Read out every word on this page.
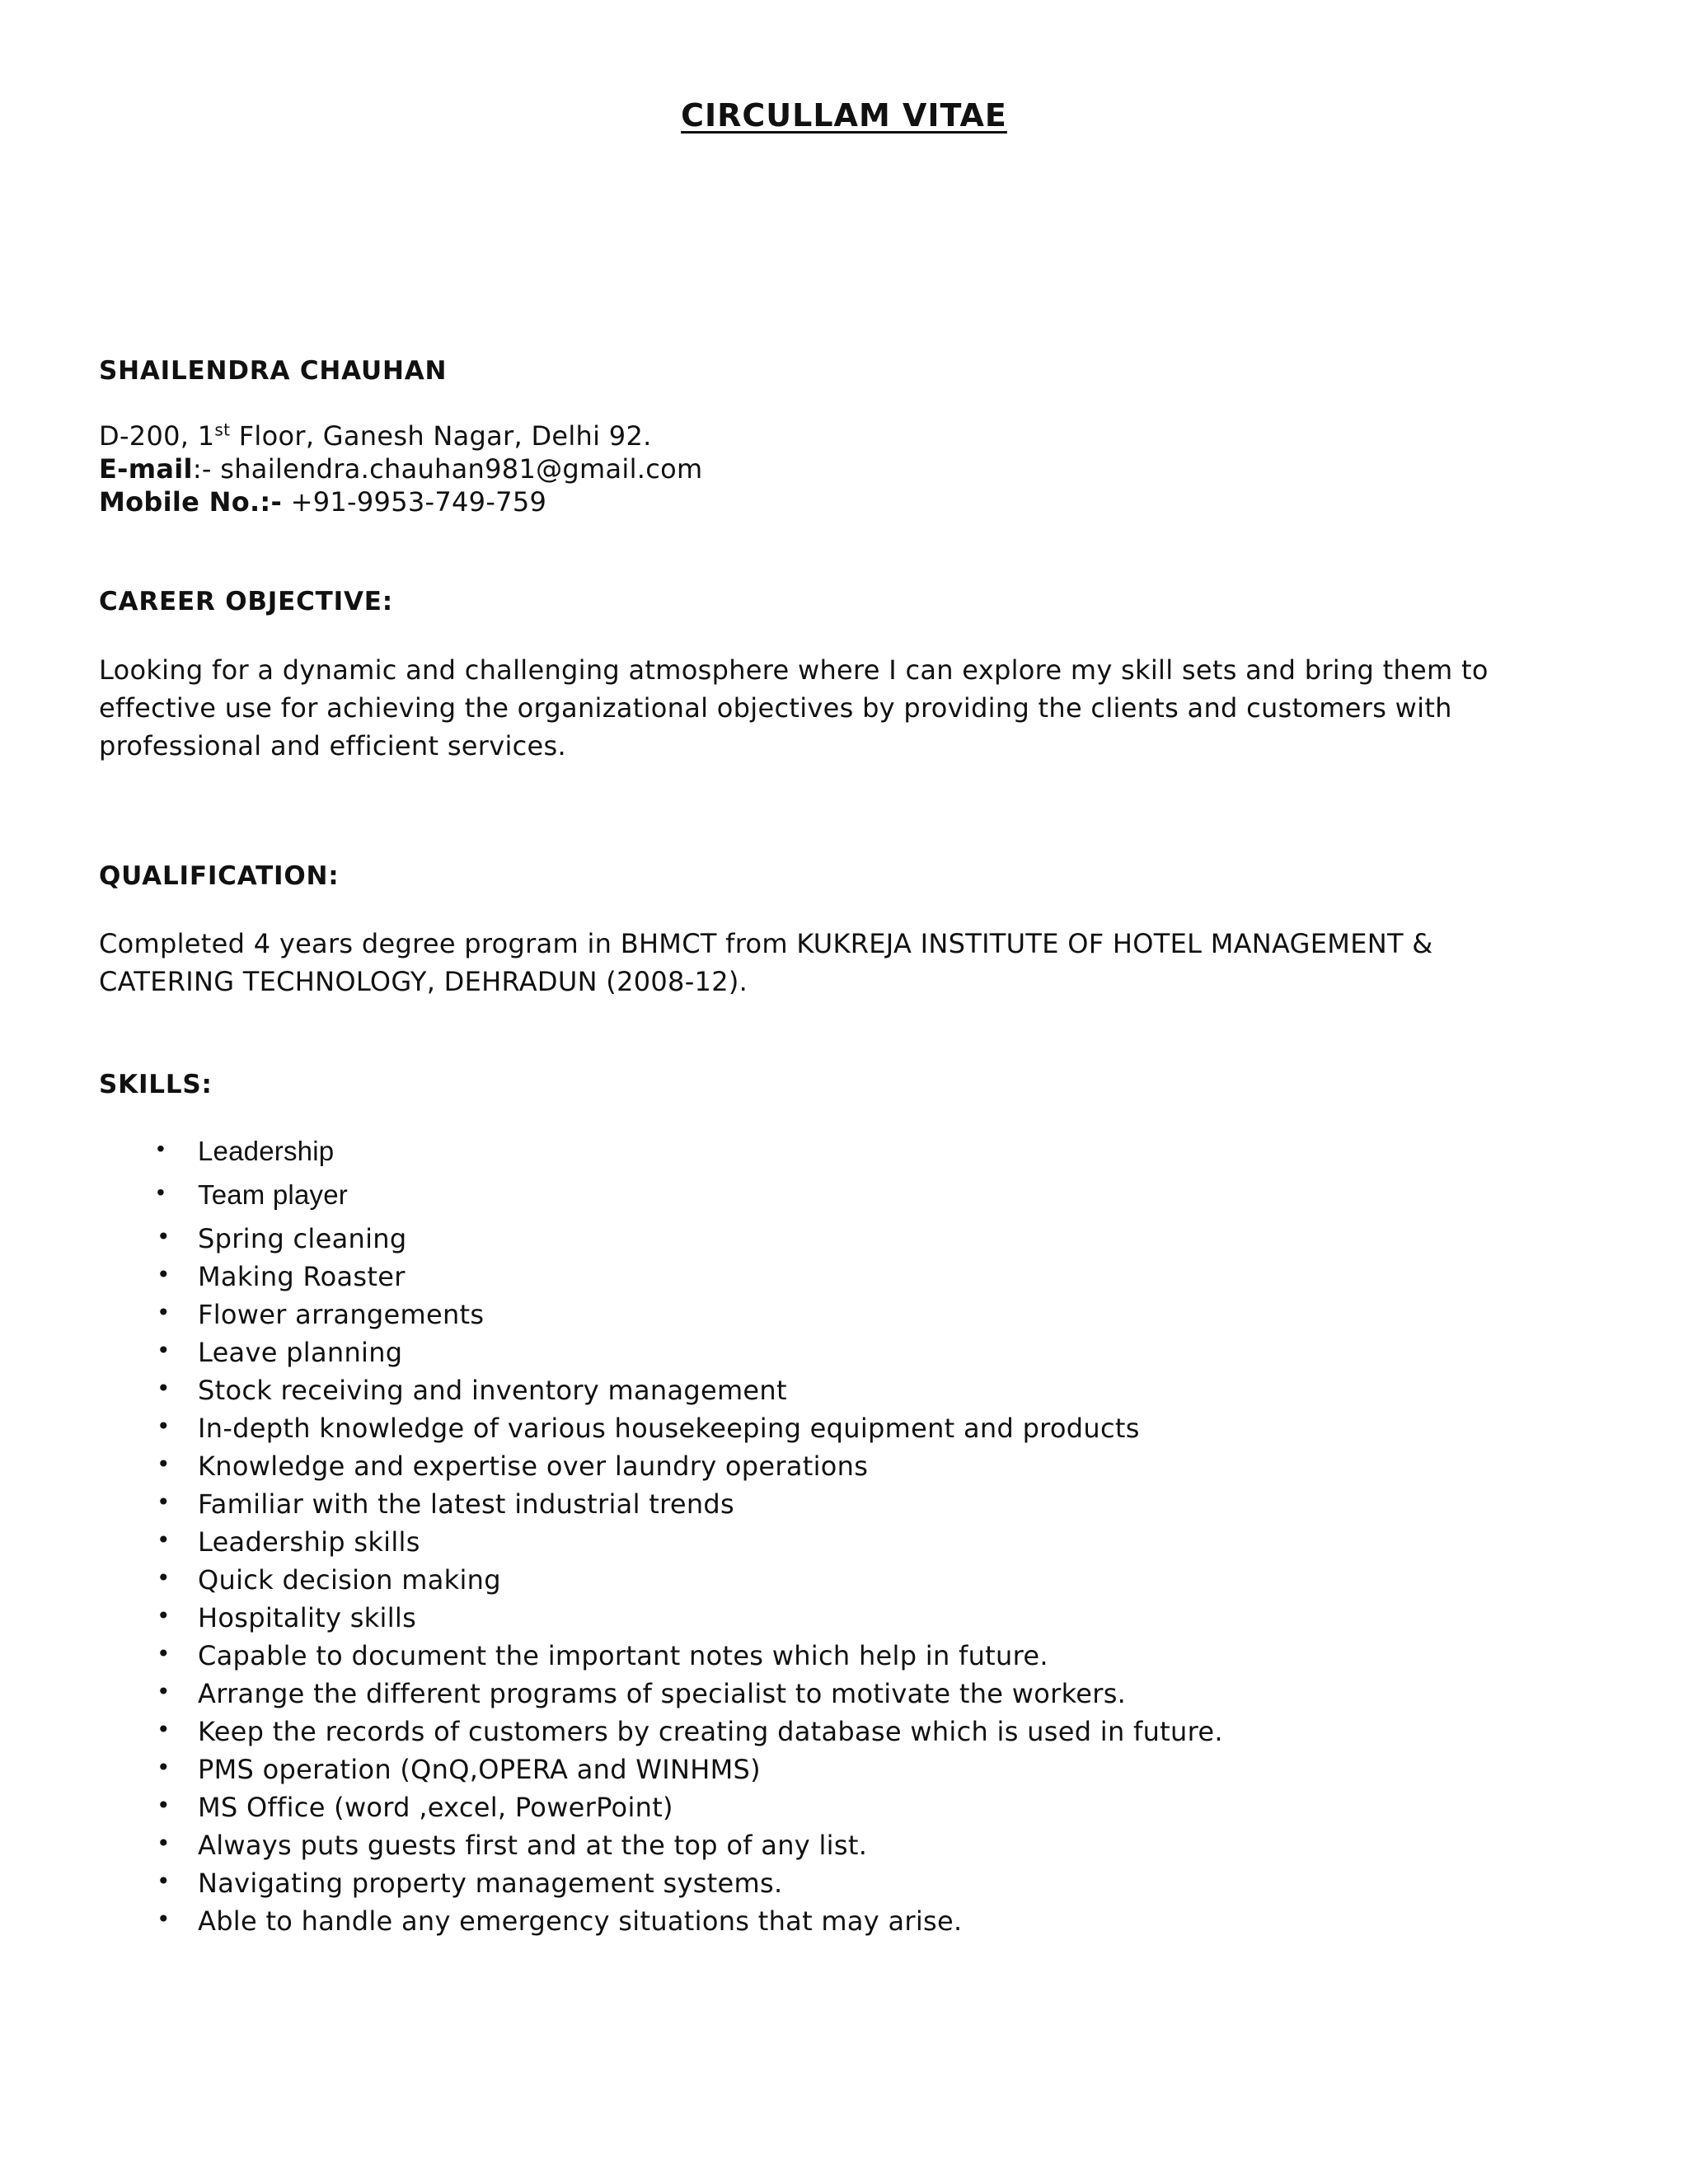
CIRCULLAM VITAE
SHAILENDRA CHAUHAN
D-200, 1st Floor, Ganesh Nagar, Delhi 92.
E-mail:- shailendra.chauhan981@gmail.com
Mobile No.:- +91-9953-749-759
CAREER OBJECTIVE:
Looking for a dynamic and challenging atmosphere where I can explore my skill sets and bring them to
effective use for achieving the organizational objectives by providing the clients and customers with
professional and efficient services.
QUALIFICATION:
Completed 4 years degree program in BHMCT from KUKREJA INSTITUTE OF HOTEL MANAGEMENT &
CATERING TECHNOLOGY, DEHRADUN (2008-12).
SKILLS:
• Leadership
• Team player
• Spring cleaning
• Making Roaster
• Flower arrangements
• Leave planning
• Stock receiving and inventory management
• In-depth knowledge of various housekeeping equipment and products
• Knowledge and expertise over laundry operations
• Familiar with the latest industrial trends
• Leadership skills
• Quick decision making
• Hospitality skills
• Capable to document the important notes which help in future.
• Arrange the different programs of specialist to motivate the workers.
• Keep the records of customers by creating database which is used in future.
• PMS operation (QnQ,OPERA and WINHMS)
• MS Office (word ,excel, PowerPoint)
• Always puts guests first and at the top of any list.
• Navigating property management systems.
• Able to handle any emergency situations that may arise.
